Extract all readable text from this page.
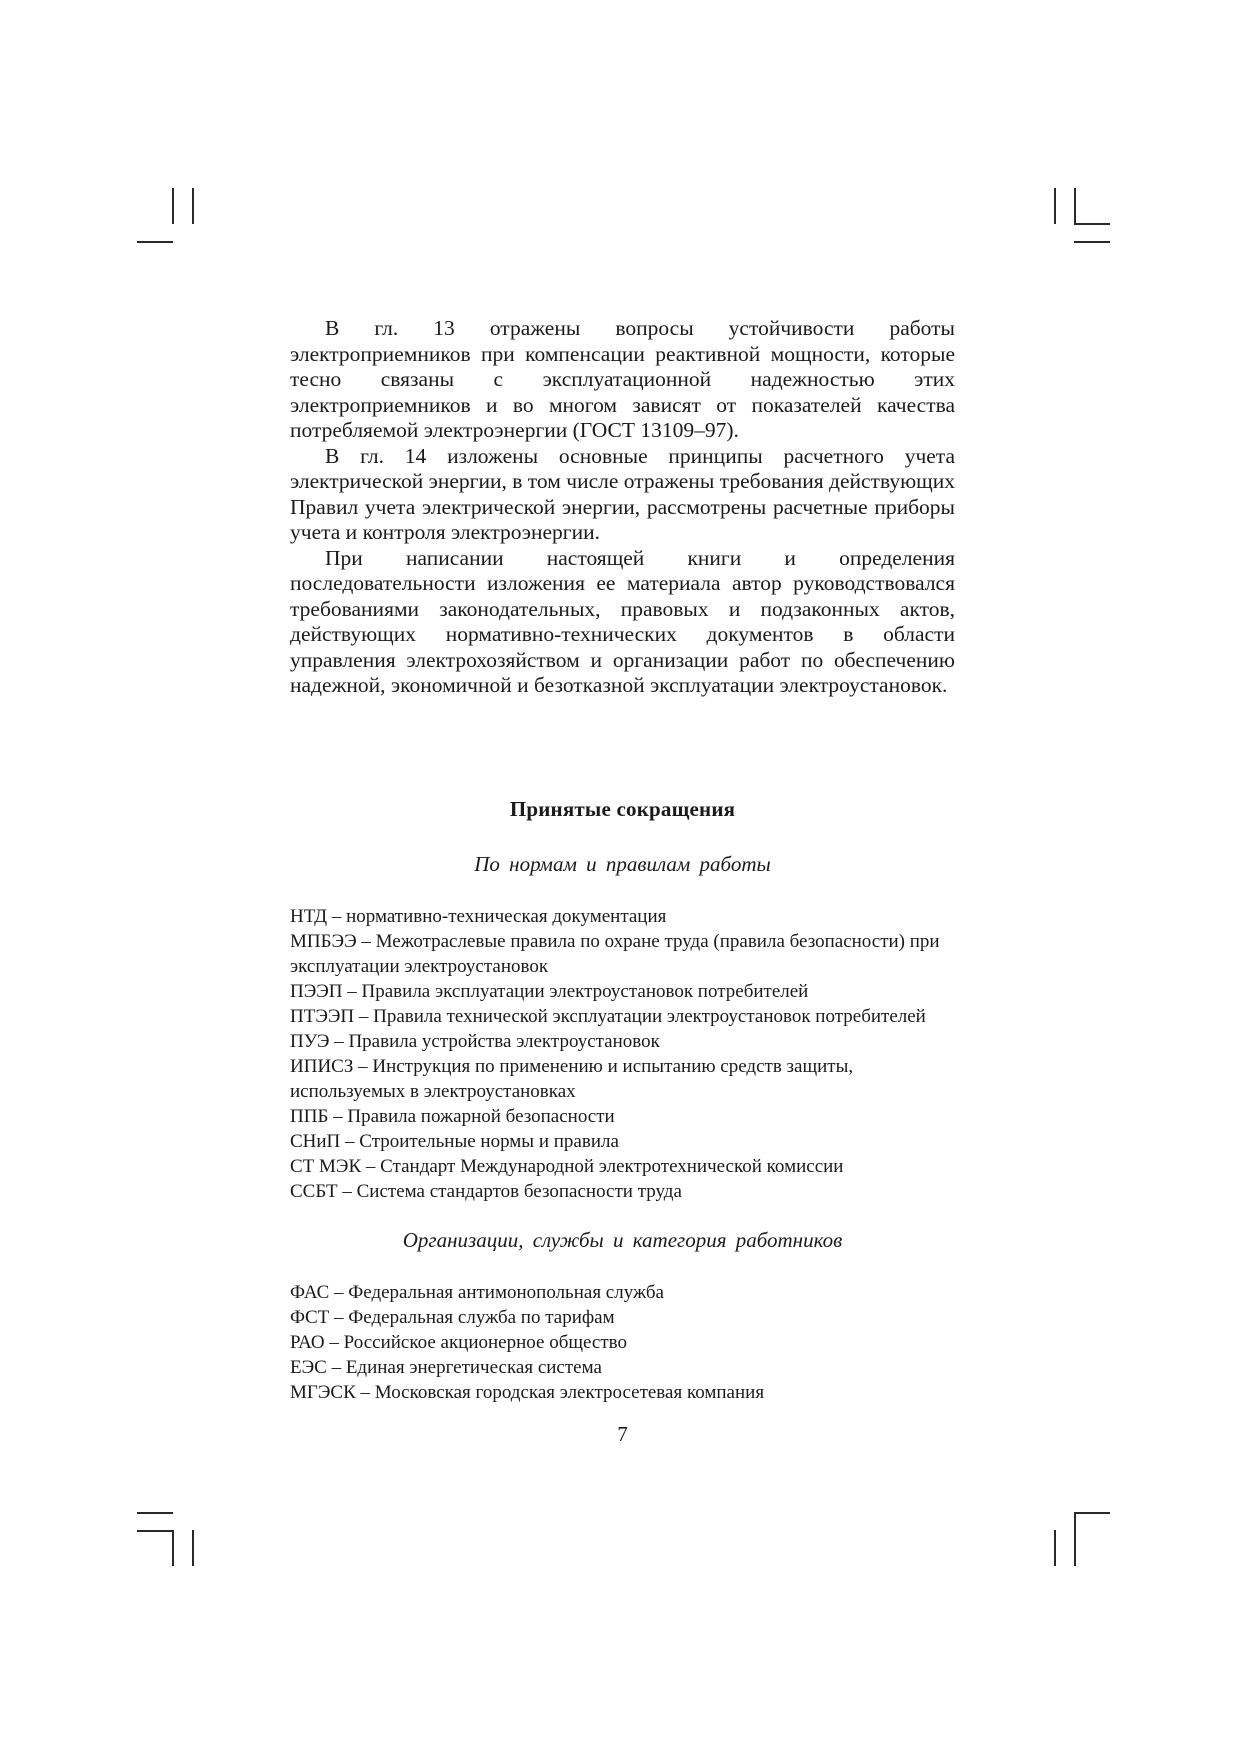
В гл. 13 отражены вопросы устойчивости работы электроприемников при компенсации реактивной мощности, которые тесно связаны с эксплуатационной надежностью этих электроприемников и во многом зависят от показателей качества потребляемой электроэнергии (ГОСТ 13109–97).

В гл. 14 изложены основные принципы расчетного учета электрической энергии, в том числе отражены требования действующих Правил учета электрической энергии, рассмотрены расчетные приборы учета и контроля электроэнергии.

При написании настоящей книги и определения последовательности изложения ее материала автор руководствовался требованиями законодательных, правовых и подзаконных актов, действующих нормативно-технических документов в области управления электрохозяйством и организации работ по обеспечению надежной, экономичной и безотказной эксплуатации электроустановок.

Принятые сокращения
По нормам и правилам работы

НТД – нормативно-техническая документация

МПБЭЭ – Межотраслевые правила по охране труда (правила безопасности) при эксплуатации электроустановок

ПЭЭП – Правила эксплуатации электроустановок потребителей

ПТЭЭП – Правила технической эксплуатации электроустановок потребителей

ПУЭ – Правила устройства электроустановок

ИПИСЗ – Инструкция по применению и испытанию средств защиты, используемых в электроустановках

ППБ – Правила пожарной безопасности

СНиП – Строительные нормы и правила

СТ МЭК – Стандарт Международной электротехнической комиссии

ССБТ – Система стандартов безопасности труда

Организации, службы и категория работников

ФАС – Федеральная антимонопольная служба

ФСТ – Федеральная служба по тарифам

РАО – Российское акционерное общество

ЕЭС – Единая энергетическая система

МГЭСК – Московская городская электросетевая компания

7
